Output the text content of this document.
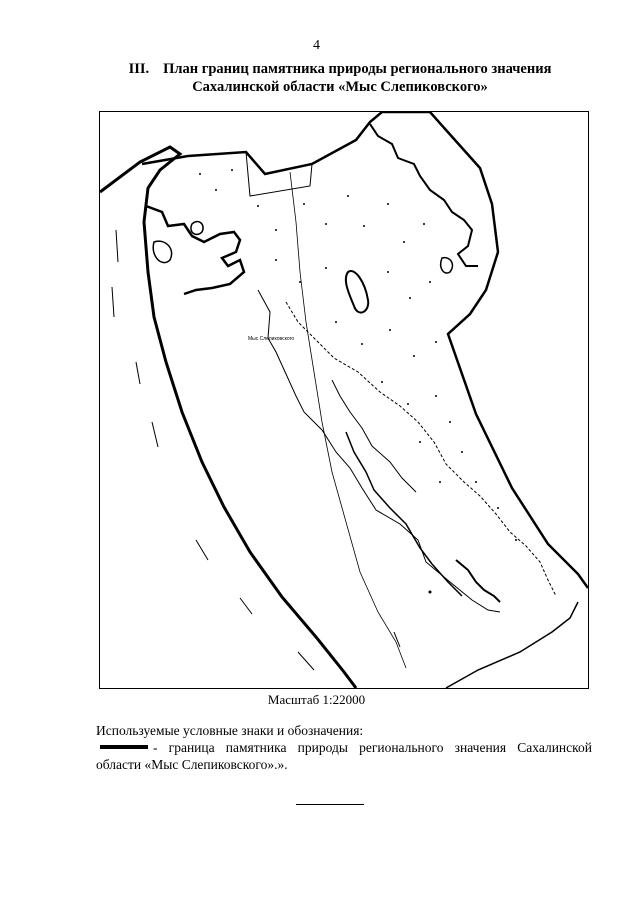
4
III. План границ памятника природы регионального значения
Сахалинской области «Мыс Слепиковского»
Мыс Слепиковского
Масштаб 1:22000
Используемые условные знаки и обозначения:
- граница памятника природы регионального значения Сахалинской области «Мыс Слепиковского».».
